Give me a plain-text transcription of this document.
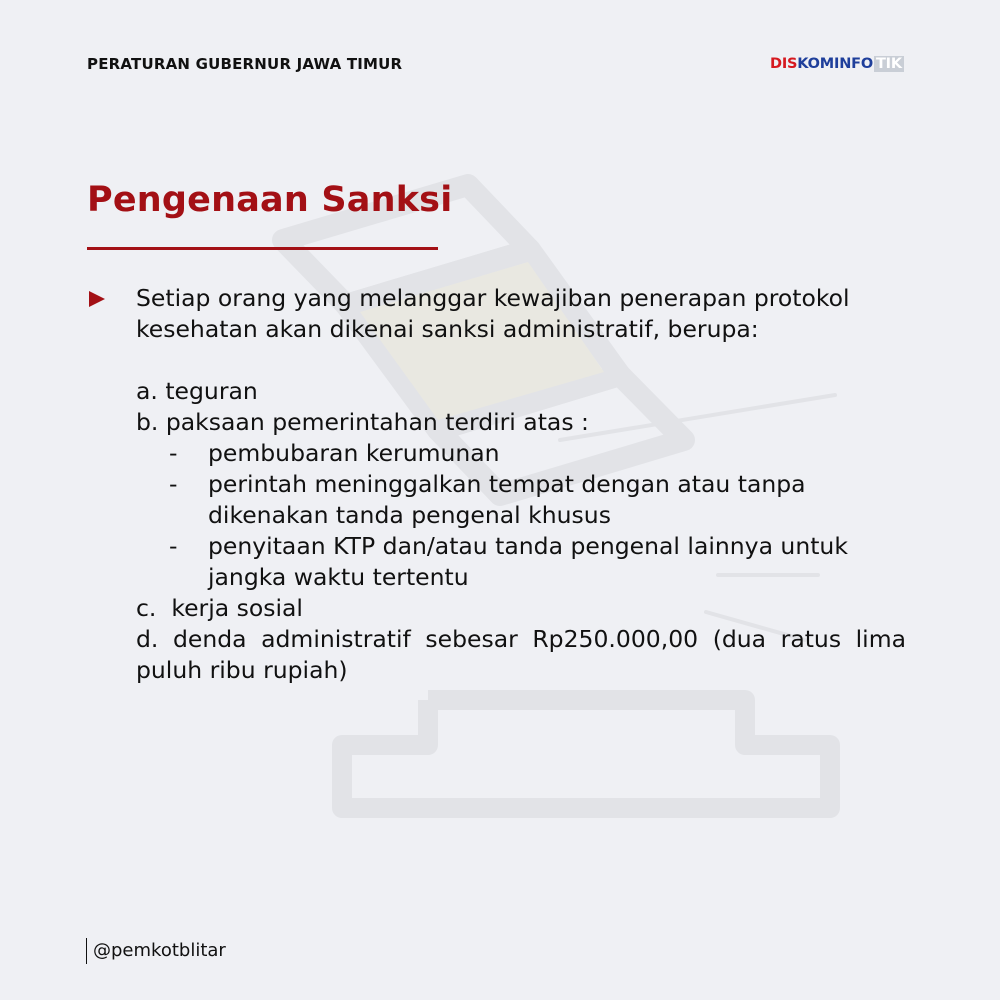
PERATURAN GUBERNUR JAWA TIMUR	DIS KOMINFO TIK
Pengenaan Sanksi

Setiap orang yang melanggar kewajiban penerapan protokol kesehatan akan dikenai sanksi administratif, berupa:

a. teguran

b. paksaan pemerintahan terdiri atas :

- pembubaran kerumunan

- perintah meninggalkan tempat dengan atau tanpa dikenakan tanda pengenal khusus

- penyitaan KTP dan/atau tanda pengenal lainnya untuk jangka waktu tertentu

c.  kerja sosial

d. denda administratif sebesar Rp250.000,00 (dua ratus lima puluh ribu rupiah)

@pemkotblitar
